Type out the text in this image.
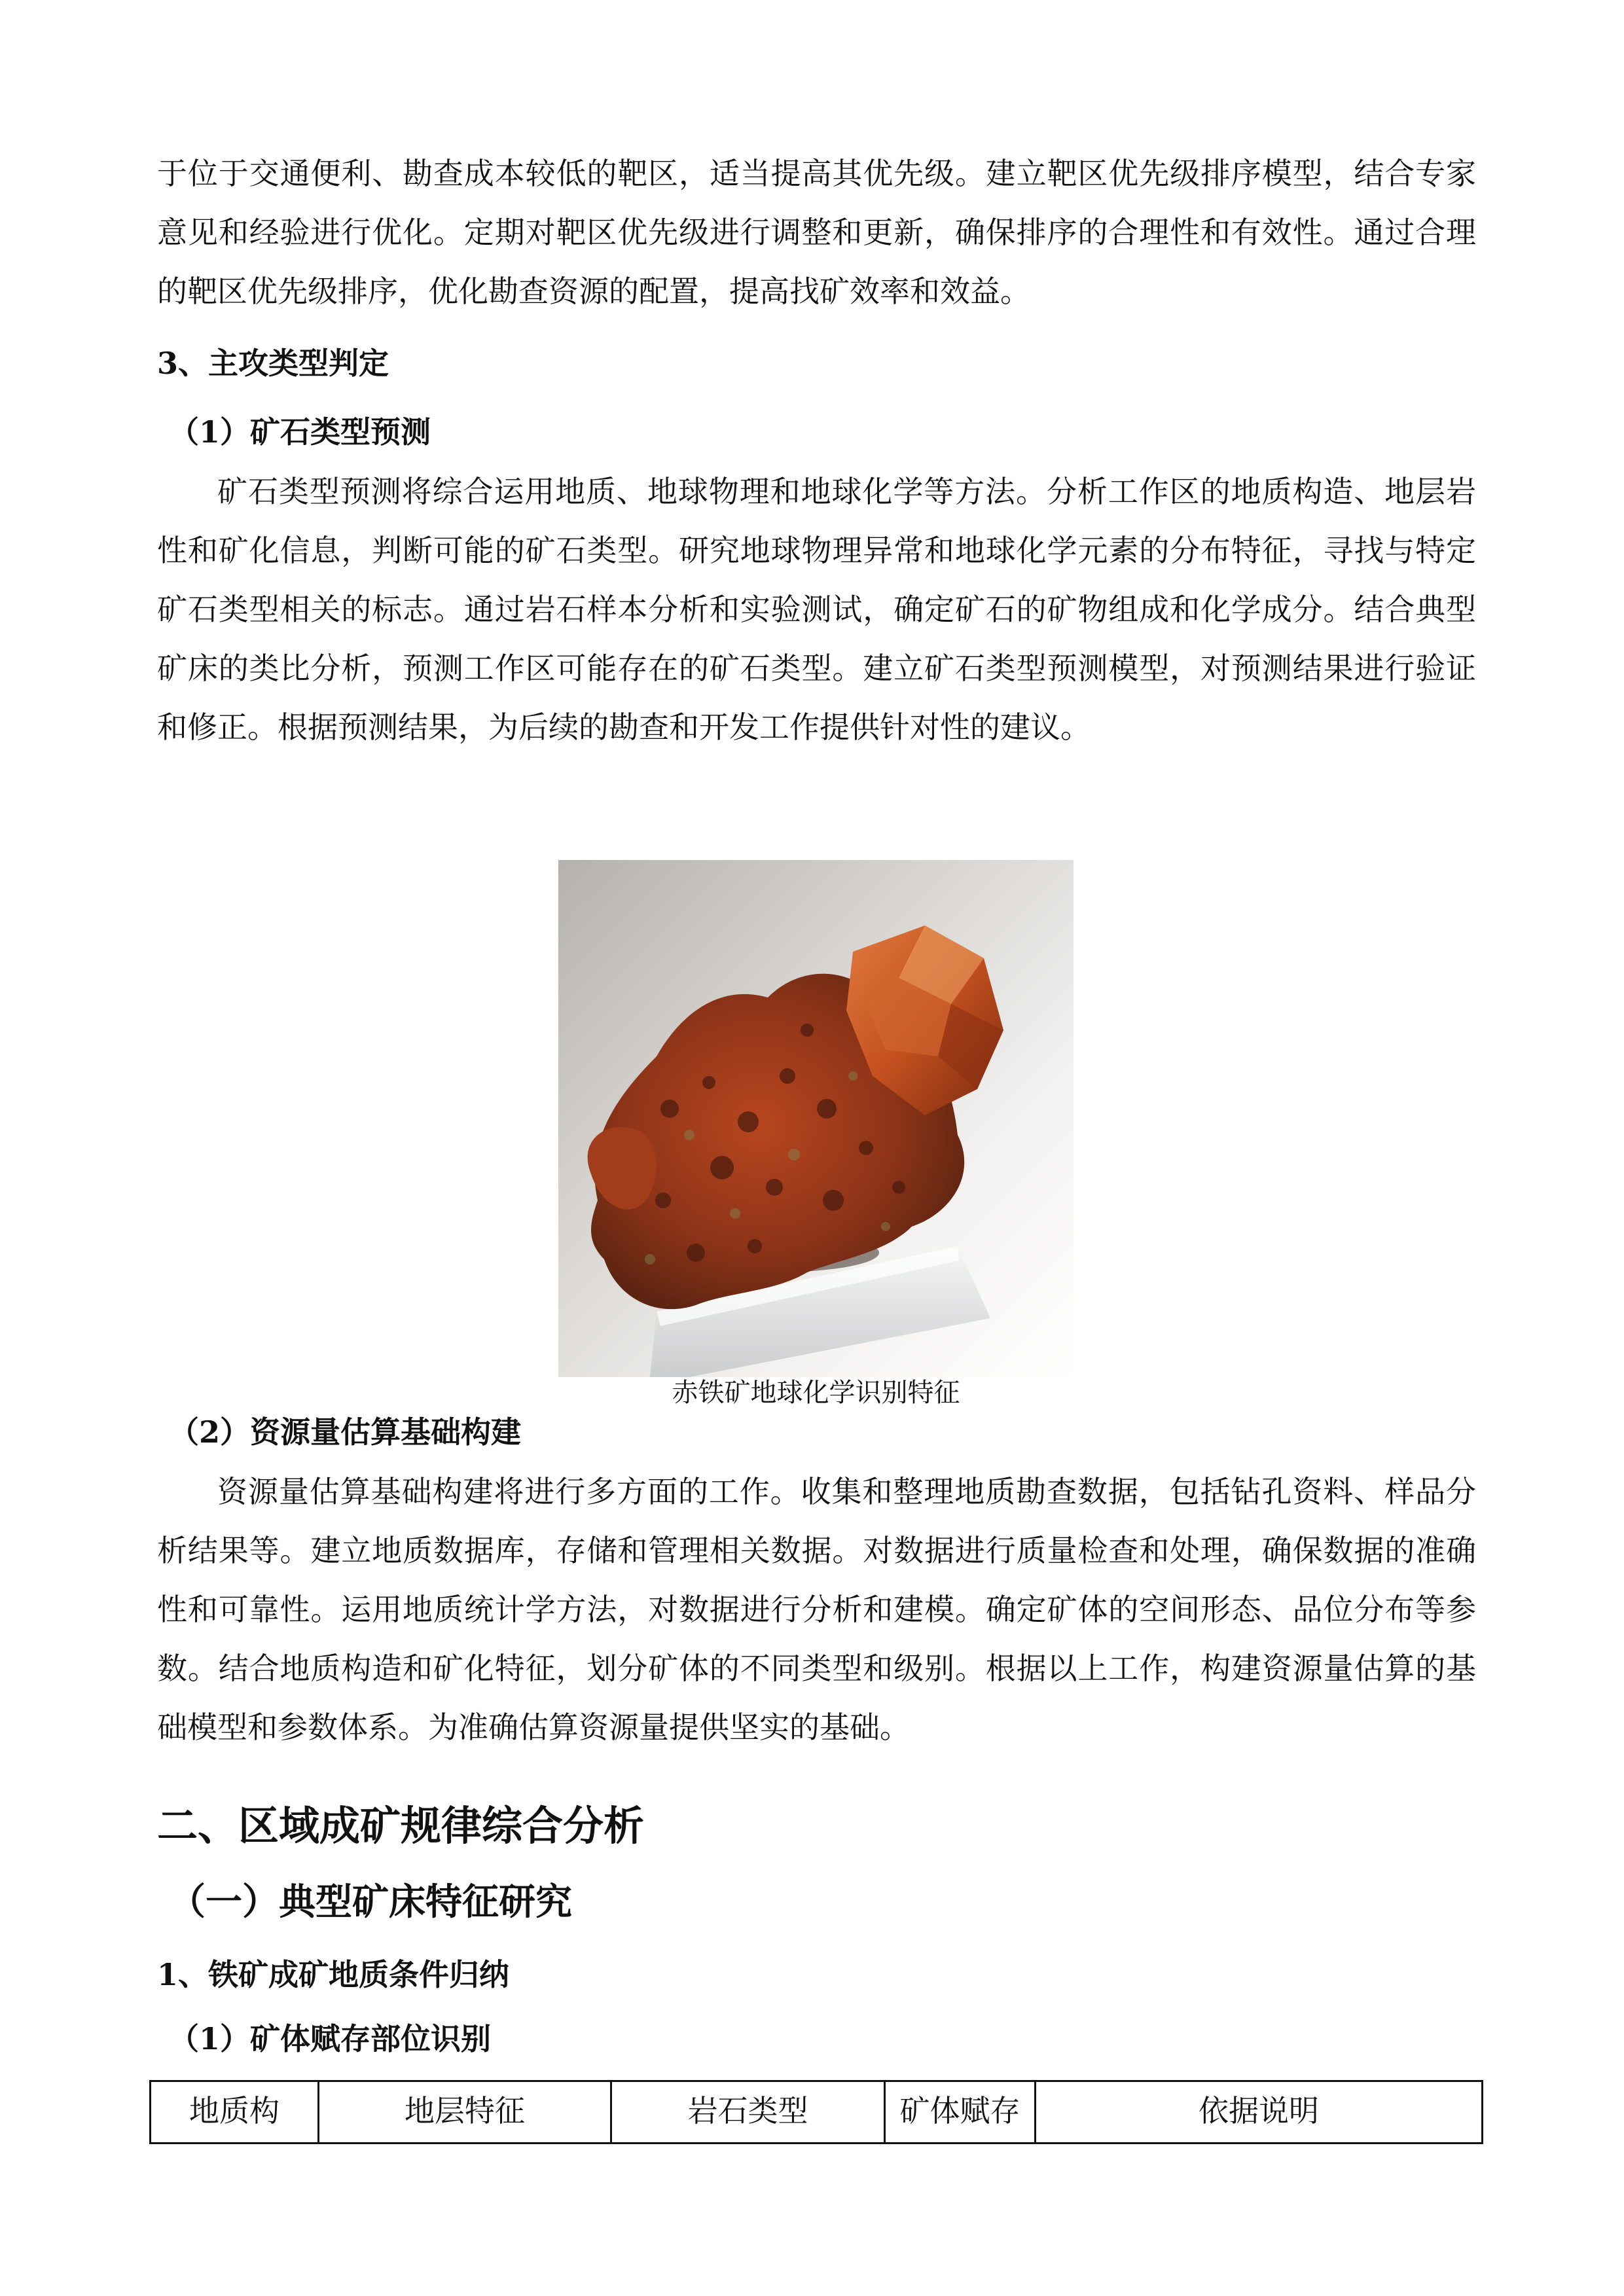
于位于交通便利、勘查成本较低的靶区，适当提高其优先级。建立靶区优先级排序模型，结合专家意见和经验进行优化。定期对靶区优先级进行调整和更新，确保排序的合理性和有效性。通过合理的靶区优先级排序，优化勘查资源的配置，提高找矿效率和效益。

3、主攻类型判定

（1）矿石类型预测

矿石类型预测将综合运用地质、地球物理和地球化学等方法。分析工作区的地质构造、地层岩性和矿化信息，判断可能的矿石类型。研究地球物理异常和地球化学元素的分布特征，寻找与特定矿石类型相关的标志。通过岩石样本分析和实验测试，确定矿石的矿物组成和化学成分。结合典型矿床的类比分析，预测工作区可能存在的矿石类型。建立矿石类型预测模型，对预测结果进行验证和修正。根据预测结果，为后续的勘查和开发工作提供针对性的建议。

赤铁矿地球化学识别特征

（2）资源量估算基础构建

资源量估算基础构建将进行多方面的工作。收集和整理地质勘查数据，包括钻孔资料、样品分析结果等。建立地质数据库，存储和管理相关数据。对数据进行质量检查和处理，确保数据的准确性和可靠性。运用地质统计学方法，对数据进行分析和建模。确定矿体的空间形态、品位分布等参数。结合地质构造和矿化特征，划分矿体的不同类型和级别。根据以上工作，构建资源量估算的基础模型和参数体系。为准确估算资源量提供坚实的基础。

二、区域成矿规律综合分析

（一）典型矿床特征研究

1、铁矿成矿地质条件归纳

（1）矿体赋存部位识别

地质构	地层特征	岩石类型	矿体赋存	依据说明
